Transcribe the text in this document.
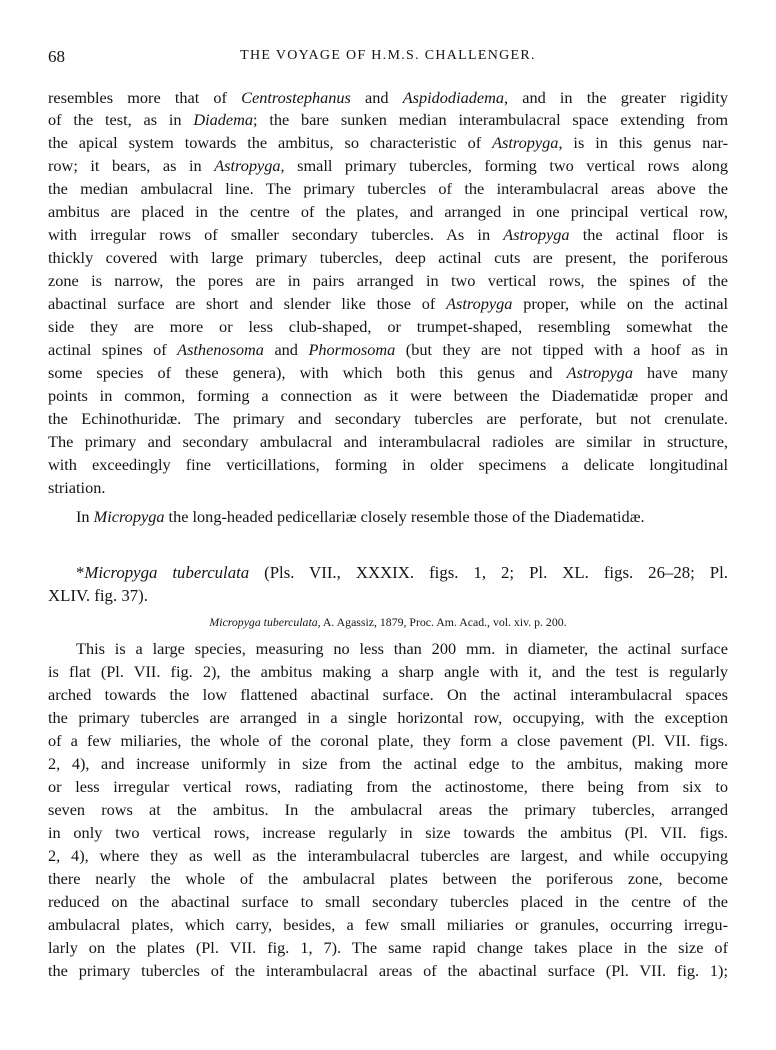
68	THE VOYAGE OF H.M.S. CHALLENGER.
resembles more that of Centrostephanus and Aspidodiadema, and in the greater rigidity
of the test, as in Diadema; the bare sunken median interambulacral space extending from
the apical system towards the ambitus, so characteristic of Astropyga, is in this genus nar-
row; it bears, as in Astropyga, small primary tubercles, forming two vertical rows along
the median ambulacral line. The primary tubercles of the interambulacral areas above the
ambitus are placed in the centre of the plates, and arranged in one principal vertical row,
with irregular rows of smaller secondary tubercles. As in Astropyga the actinal floor is
thickly covered with large primary tubercles, deep actinal cuts are present, the poriferous
zone is narrow, the pores are in pairs arranged in two vertical rows, the spines of the
abactinal surface are short and slender like those of Astropyga proper, while on the actinal
side they are more or less club-shaped, or trumpet-shaped, resembling somewhat the
actinal spines of Asthenosoma and Phormosoma (but they are not tipped with a hoof as in
some species of these genera), with which both this genus and Astropyga have many
points in common, forming a connection as it were between the Diadematidæ proper and
the Echinothuridæ. The primary and secondary tubercles are perforate, but not crenulate.
The primary and secondary ambulacral and interambulacral radioles are similar in structure,
with exceedingly fine verticillations, forming in older specimens a delicate longitudinal
striation.
In Micropyga the long-headed pedicellariæ closely resemble those of the Diadematidæ.
*Micropyga tuberculata (Pls. VII., XXXIX. figs. 1, 2; Pl. XL. figs. 26–28; Pl.
XLIV. fig. 37).
Micropyga tuberculata, A. Agassiz, 1879, Proc. Am. Acad., vol. xiv. p. 200.
This is a large species, measuring no less than 200 mm. in diameter, the actinal surface
is flat (Pl. VII. fig. 2), the ambitus making a sharp angle with it, and the test is regularly
arched towards the low flattened abactinal surface. On the actinal interambulacral spaces
the primary tubercles are arranged in a single horizontal row, occupying, with the exception
of a few miliaries, the whole of the coronal plate, they form a close pavement (Pl. VII. figs.
2, 4), and increase uniformly in size from the actinal edge to the ambitus, making more
or less irregular vertical rows, radiating from the actinostome, there being from six to
seven rows at the ambitus. In the ambulacral areas the primary tubercles, arranged
in only two vertical rows, increase regularly in size towards the ambitus (Pl. VII. figs.
2, 4), where they as well as the interambulacral tubercles are largest, and while occupying
there nearly the whole of the ambulacral plates between the poriferous zone, become
reduced on the abactinal surface to small secondary tubercles placed in the centre of the
ambulacral plates, which carry, besides, a few small miliaries or granules, occurring irregu-
larly on the plates (Pl. VII. fig. 1, 7). The same rapid change takes place in the size of
the primary tubercles of the interambulacral areas of the abactinal surface (Pl. VII. fig. 1);
